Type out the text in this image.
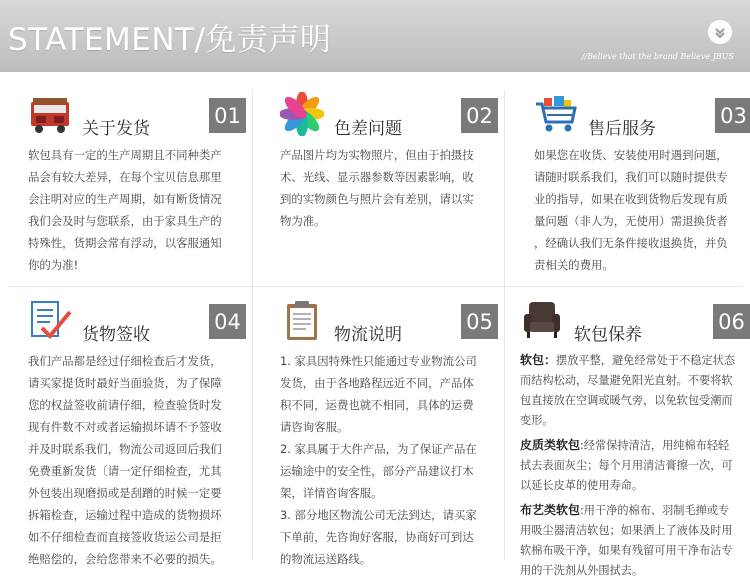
STATEMENT∕免责声明	//Believe that the brand Believe JBUS
关于发货
01
软包具有一定的生产周期且不同种类产
品会有较大差异，在每个宝贝信息那里
会注明对应的生产周期，如有断货情况
我们会及时与您联系，由于家具生产的
特殊性，货期会常有浮动，以客服通知
你的为准!
色差问题
02
产品图片均为实物照片，但由于拍摄技
术、光线、显示器参数等因素影响，收
到的实物颜色与照片会有差别，请以实
物为准。
售后服务
03
如果您在收货、安装使用时遇到问题，
请随时联系我们，我们可以随时提供专
业的指导，如果在收到货物后发现有质
量问题（非人为，无使用）需退换货者
，经确认我们无条件接收退换货，并负
责相关的费用。
货物签收
04
我们产品都是经过仔细检查后才发货，
请买家提货时最好当面验货，为了保障
您的权益签收前请仔细，检查验货时发
现有件数不对或者运输损坏请不予签收
并及时联系我们，物流公司返回后我们
免费重新发货〔请一定仔细检查，尤其
外包装出现磨损或是刮蹭的时候一定要
拆箱检查，运输过程中造成的货物损坏
如不仔细检查而直接签收货运公司是拒
绝赔偿的，会给您带来不必要的损失。
物流说明
05
1. 家具因特殊性只能通过专业物流公司
发货，由于各地路程远近不同，产品体
积不同，运费也就不相同，具体的运费
请咨询客服。
2. 家具属于大件产品，为了保证产品在
运输途中的安全性，部分产品建议打木
架，详情咨询客服。
3. 部分地区物流公司无法到达，请买家
下单前，先咨询好客服，协商好可到达
的物流运送路线。
软包保养
06
软包：摆放平整，避免经常处于不稳定状态而结构松动，尽量避免阳光直射。不要将软包直接放在空调或暖气旁，以免软包受潮而变形。
皮质类软包:经常保持清洁，用纯棉布轻轻拭去表面灰尘；每个月用清洁膏擦一次，可以延长皮革的使用寿命。
布艺类软包:用干净的棉布、羽制毛掸或专用吸尘器清洁软包；如果洒上了液体及时用软棉布吸干净，如果有残留可用干净布沾专用的干洗剂从外围拭去。
